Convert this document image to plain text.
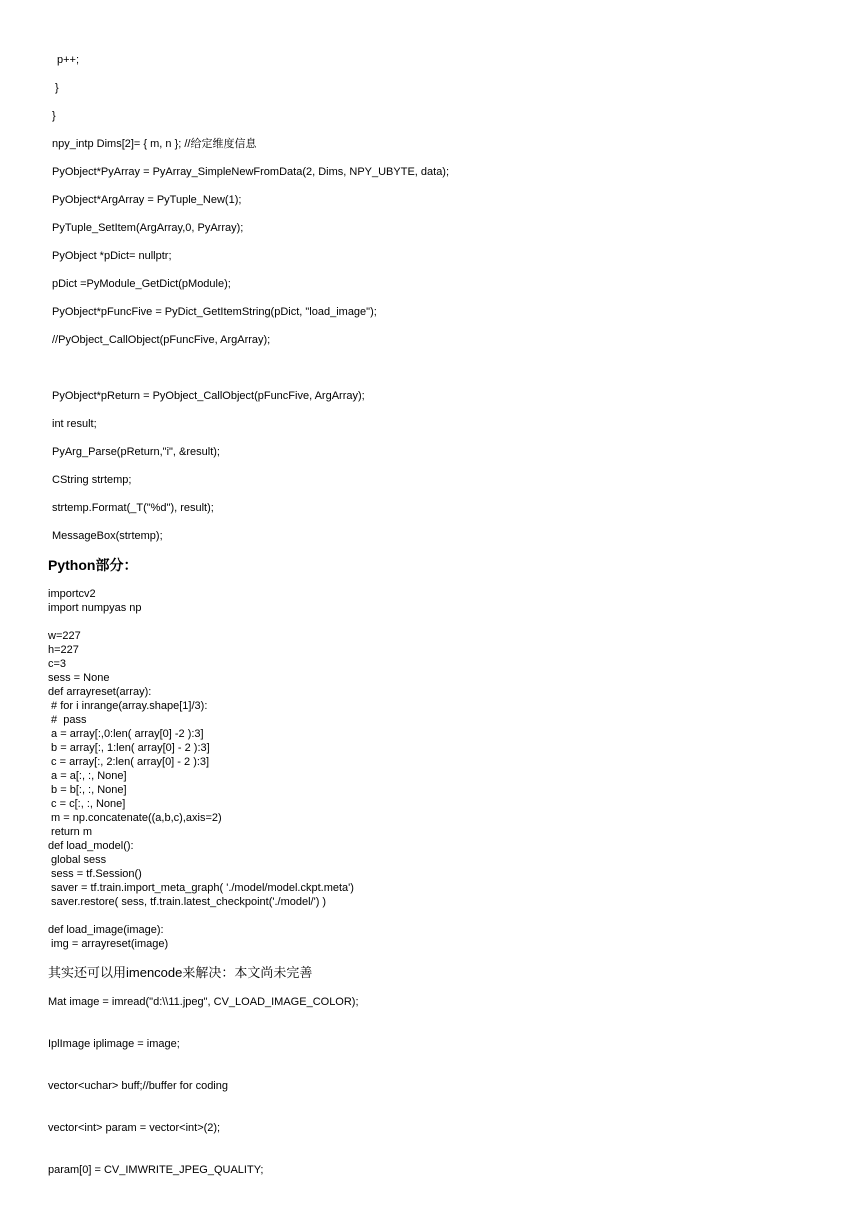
p++;
}
}
npy_intp Dims[2]= { m, n }; //给定维度信息
PyObject*PyArray = PyArray_SimpleNewFromData(2, Dims, NPY_UBYTE, data);
PyObject*ArgArray = PyTuple_New(1);
PyTuple_SetItem(ArgArray,0, PyArray);
PyObject *pDict= nullptr;
pDict =PyModule_GetDict(pModule);
PyObject*pFuncFive = PyDict_GetItemString(pDict, "load_image");
//PyObject_CallObject(pFuncFive, ArgArray);
PyObject*pReturn = PyObject_CallObject(pFuncFive, ArgArray);
int result;
PyArg_Parse(pReturn,"i", &result);
CString strtemp;
strtemp.Format(_T("%d"), result);
MessageBox(strtemp);
Python部分：
importcv2
import numpyas np
w=227
h=227
c=3
sess = None
def arrayreset(array):
# for i inrange(array.shape[1]/3):
#  pass
a = array[:,0:len( array[0] -2 ):3]
b = array[:, 1:len( array[0] - 2 ):3]
c = array[:, 2:len( array[0] - 2 ):3]
a = a[:, :, None]
b = b[:, :, None]
c = c[:, :, None]
m = np.concatenate((a,b,c),axis=2)
return m
def load_model():
global sess
sess = tf.Session()
saver = tf.train.import_meta_graph( './model/model.ckpt.meta')
saver.restore( sess, tf.train.latest_checkpoint('./model/') )
def load_image(image):
img = arrayreset(image)
其实还可以用imencode来解决：本文尚未完善
Mat image = imread("d:\\11.jpeg", CV_LOAD_IMAGE_COLOR);
IplImage iplimage = image;
vector<uchar> buff;//buffer for coding
vector<int> param = vector<int>(2);
param[0] = CV_IMWRITE_JPEG_QUALITY;
